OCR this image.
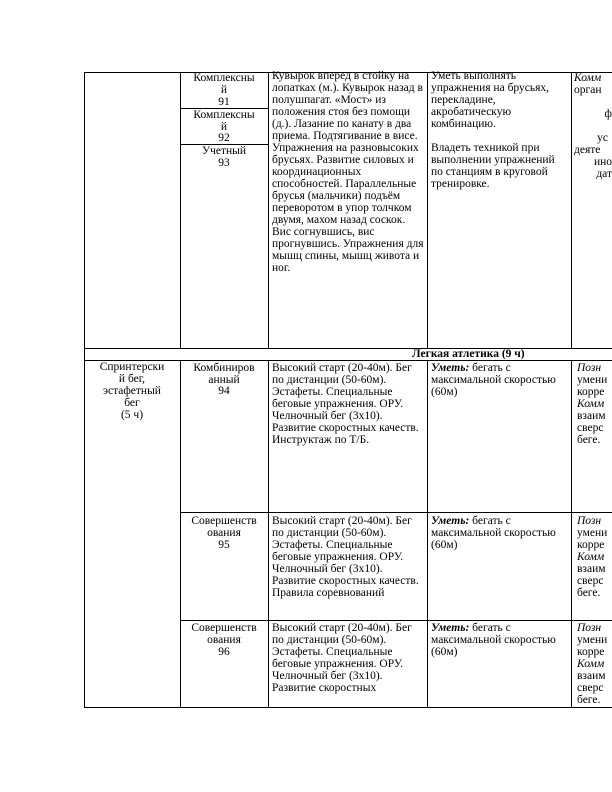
Комплексны
й
91
Комплексны
й
92
Учетный
93
Кувырок вперед в стойку на лопатках (м.). Кувырок назад в полушпагат. «Мост» из положения стоя без помощи (д.). Лазание по канату в два приема. Подтягивание в висе. Упражнения на разновысоких брусьях. Развитие силовых и координационных способностей. Параллельные брусья (мальчики) подъём переворотом в упор толчком двумя, махом назад соскок. Вис согнувшись, вис прогнувшись. Упражнения для мышц спины, мышц живота и ног.
Уметь выполнять упражнения на брусьях, перекладине, акробатическую комбинацию.

Владеть техникой при выполнении упражнений по станциям в круговой тренировке.
Комм
орган
ф
ус
деяте
ино
дат
Легкая атлетика (9 ч)
Спринтерски
й бег,
эстафетный
бег
(5 ч)
Комбиниров
анный
94
Высокий старт (20-40м). Бег по дистанции (50-60м). Эстафеты. Специальные беговые упражнения. ОРУ. Челночный бег (3х10). Развитие скоростных качеств. Инструктаж по Т/Б.
Уметь: бегать с максимальной скоростью (60м)
Позн
умени
корре
Комм
взаим
сверс
беге.
Совершенств
ования
95
Высокий старт (20-40м). Бег по дистанции (50-60м). Эстафеты. Специальные беговые упражнения. ОРУ. Челночный бег (3х10). Развитие скоростных качеств. Правила соревнований
Уметь: бегать с максимальной скоростью (60м)
Позн
умени
корре
Комм
взаим
сверс
беге.
Совершенств
ования
96
Высокий старт (20-40м). Бег по дистанции (50-60м). Эстафеты. Специальные беговые упражнения. ОРУ. Челночный бег (3х10). Развитие скоростных
Уметь: бегать с максимальной скоростью (60м)
Позн
умени
корре
Комм
взаим
сверс
беге.
